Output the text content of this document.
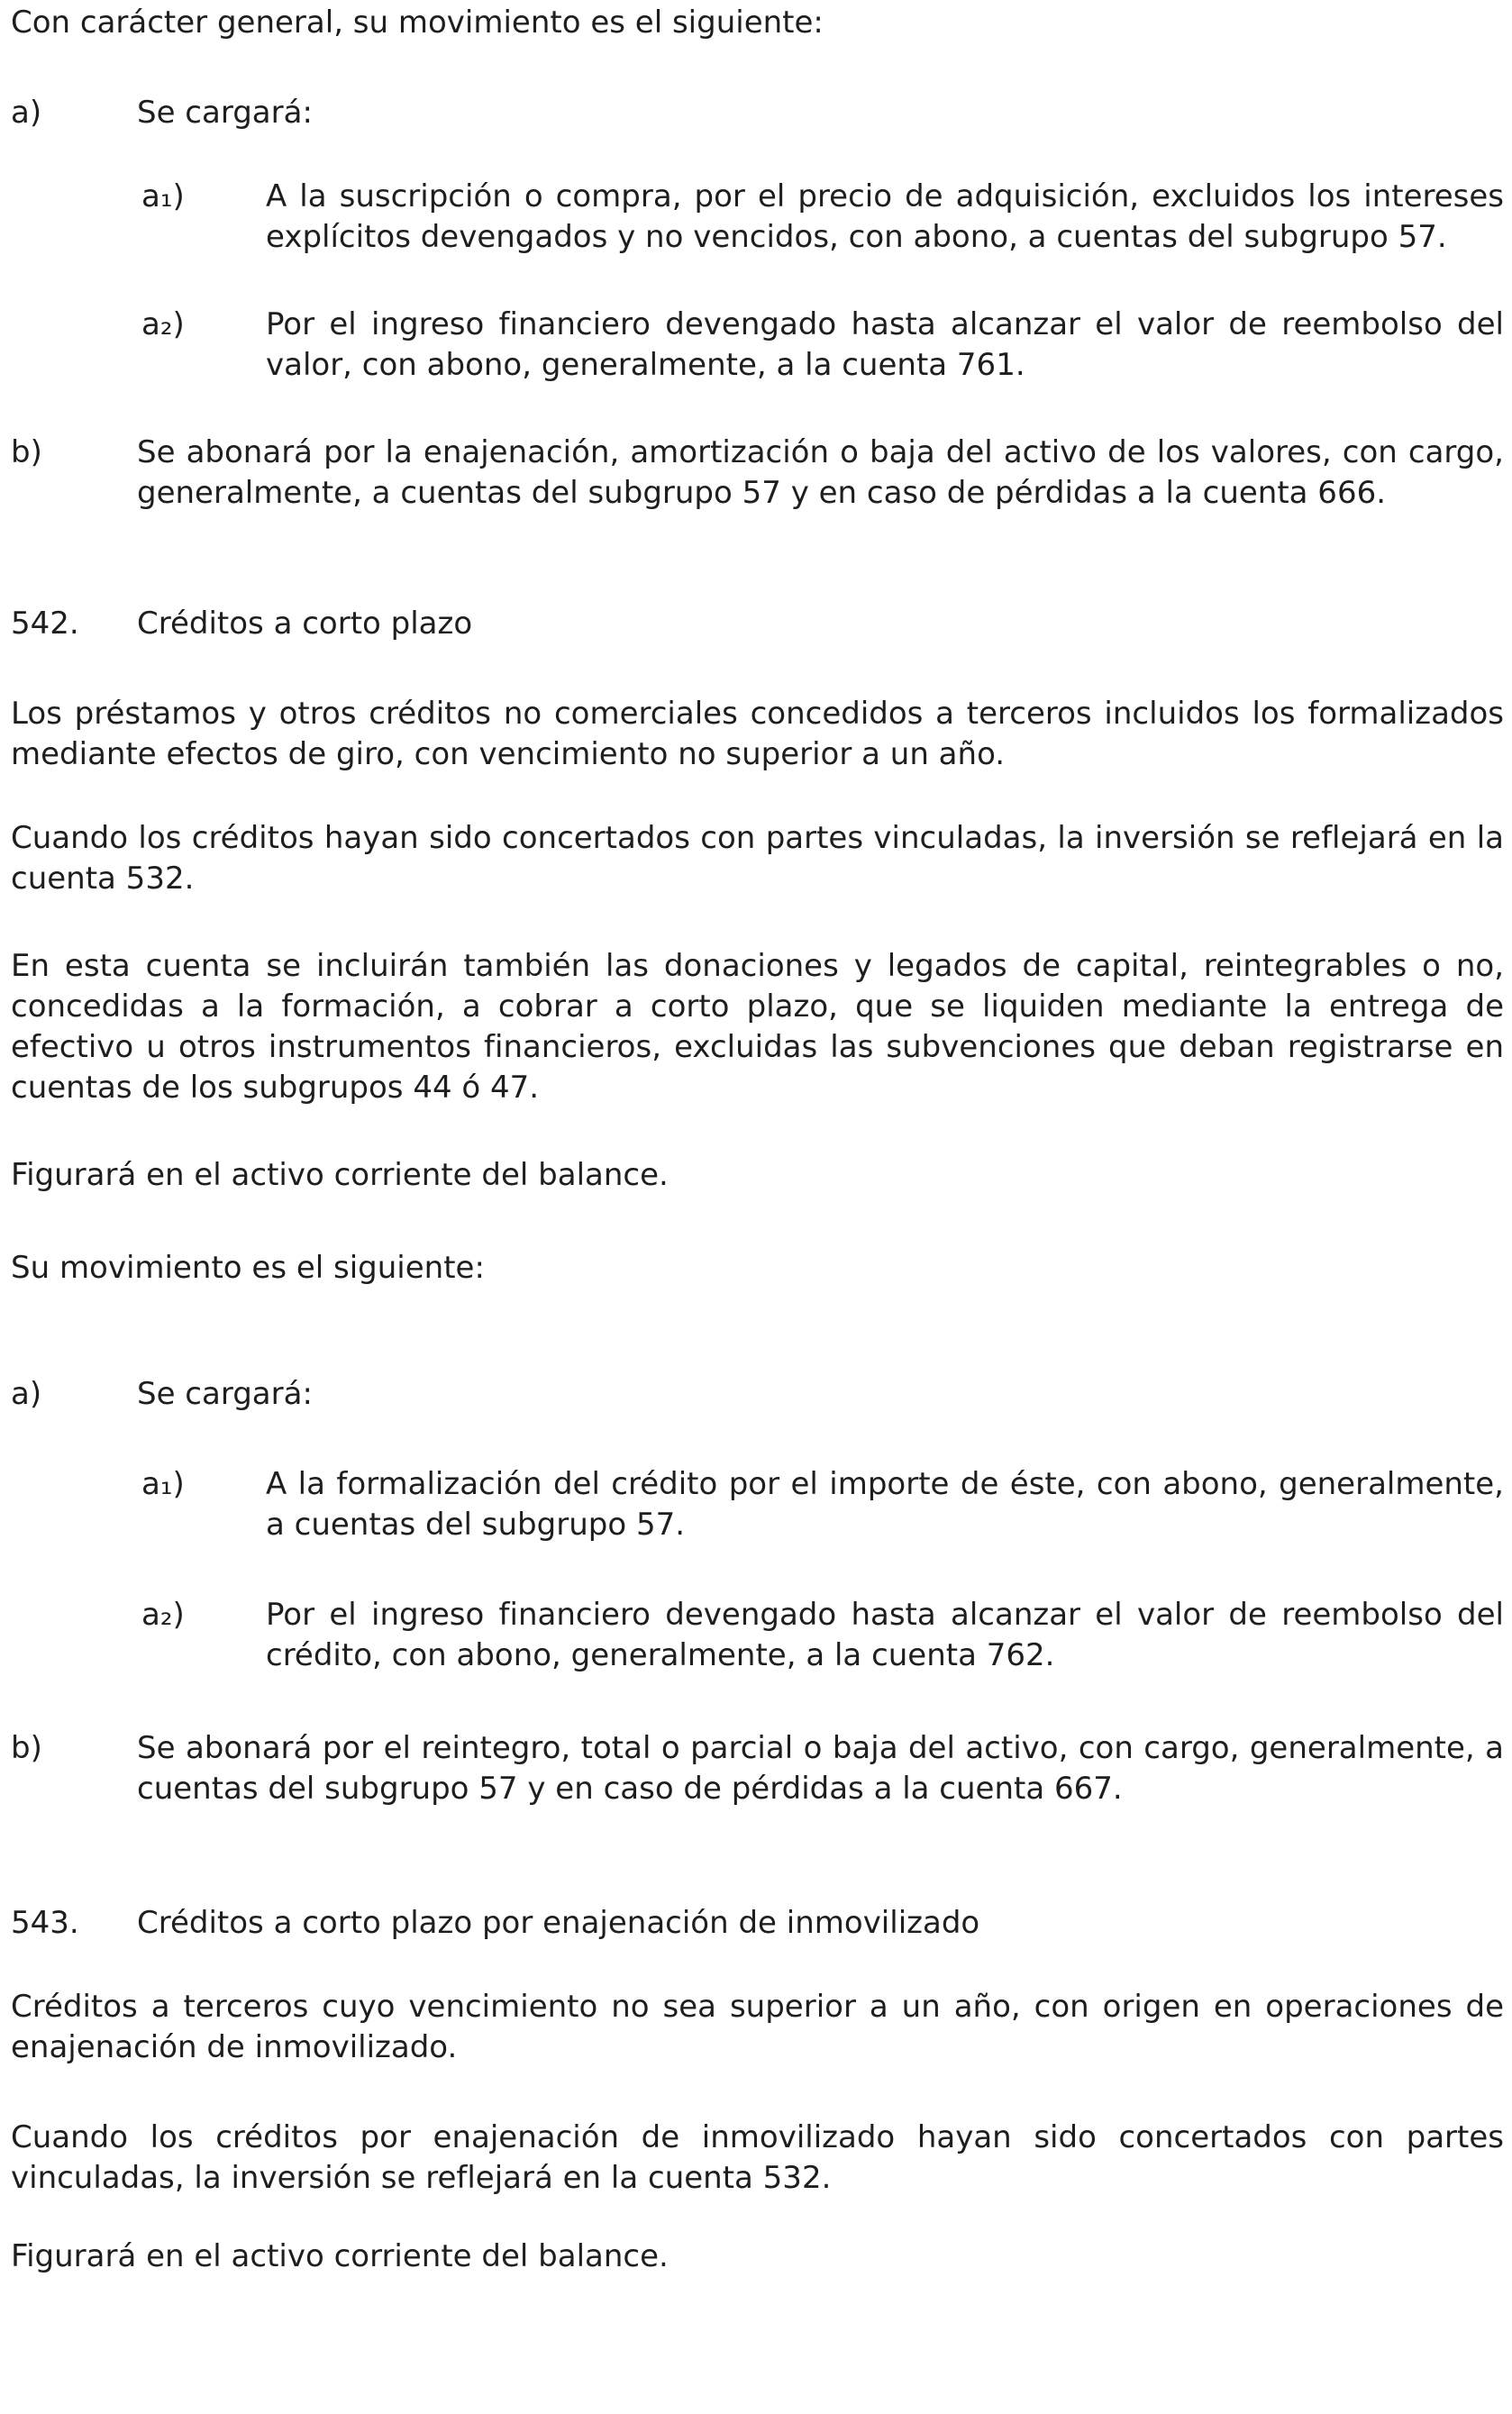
Con carácter general, su movimiento es el siguiente:

a)	Se cargará:
a₁)	A la suscripción o compra, por el precio de adquisición, excluidos los intereses explícitos devengados y no vencidos, con abono, a cuentas del subgrupo 57.
a₂)	Por el ingreso financiero devengado hasta alcanzar el valor de reembolso del valor, con abono, generalmente, a la cuenta 761.
b)	Se abonará por la enajenación, amortización o baja del activo de los valores, con cargo, generalmente, a cuentas del subgrupo 57 y en caso de pérdidas a la cuenta 666.
542.	Créditos a corto plazo

Los préstamos y otros créditos no comerciales concedidos a terceros incluidos los formalizados mediante efectos de giro, con vencimiento no superior a un año.

Cuando los créditos hayan sido concertados con partes vinculadas, la inversión se reflejará en la cuenta 532.

En esta cuenta se incluirán también las donaciones y legados de capital, reintegrables o no, concedidas a la formación, a cobrar a corto plazo, que se liquiden mediante la entrega de efectivo u otros instrumentos financieros, excluidas las subvenciones que deban registrarse en cuentas de los subgrupos 44 ó 47.

Figurará en el activo corriente del balance.

Su movimiento es el siguiente:

a)	Se cargará:
a₁)	A la formalización del crédito por el importe de éste, con abono, generalmente, a cuentas del subgrupo 57.
a₂)	Por el ingreso financiero devengado hasta alcanzar el valor de reembolso del crédito, con abono, generalmente, a la cuenta 762.
b)	Se abonará por el reintegro, total o parcial o baja del activo, con cargo, generalmente, a cuentas del subgrupo 57 y en caso de pérdidas a la cuenta 667.
543.	Créditos a corto plazo por enajenación de inmovilizado

Créditos a terceros cuyo vencimiento no sea superior a un año, con origen en operaciones de enajenación de inmovilizado.

Cuando los créditos por enajenación de inmovilizado hayan sido concertados con partes vinculadas, la inversión se reflejará en la cuenta 532.

Figurará en el activo corriente del balance.
